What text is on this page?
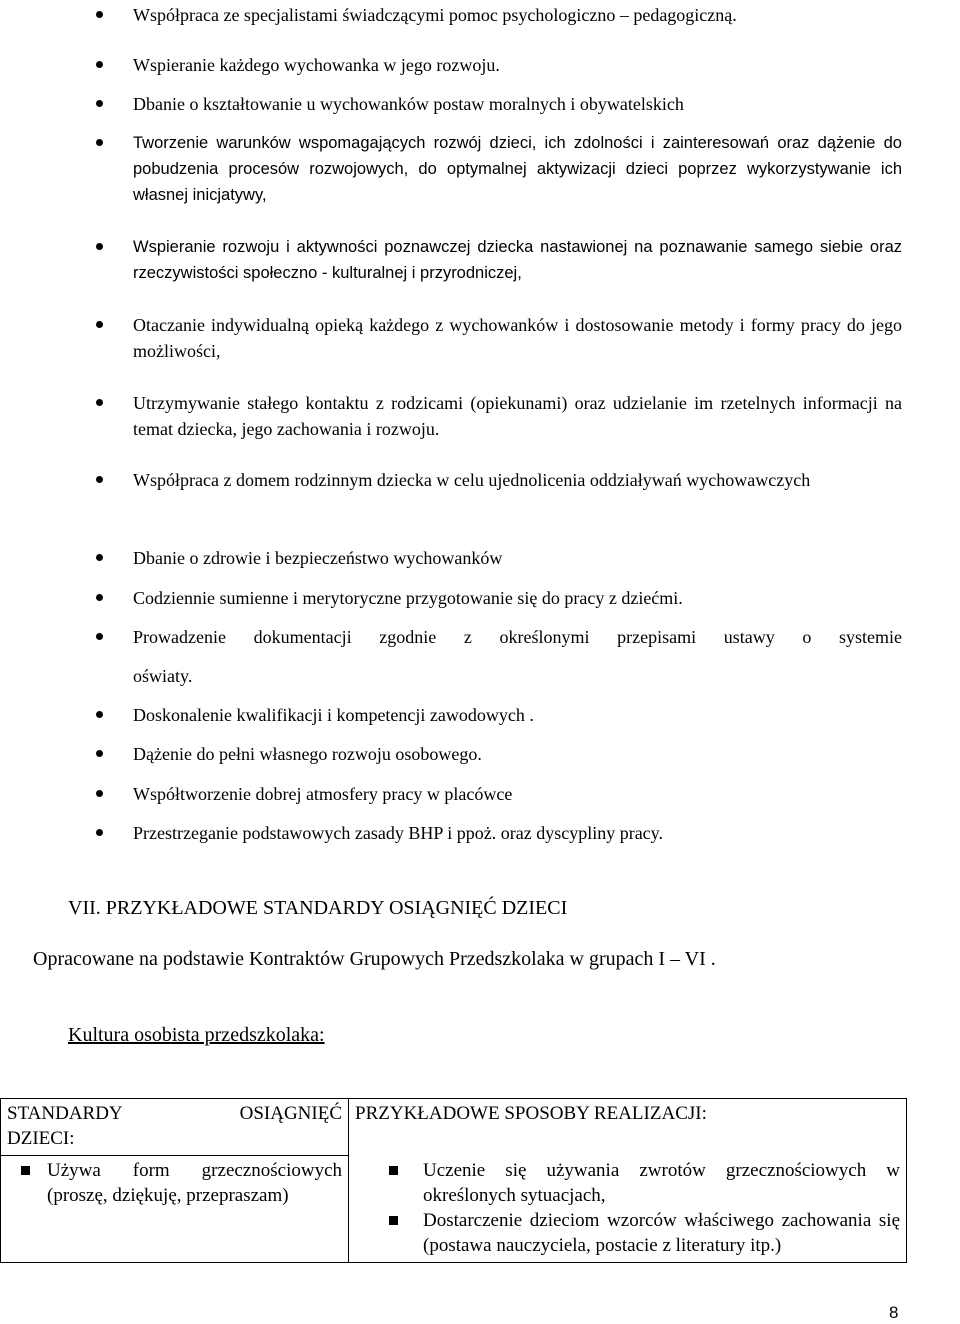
Współpraca ze specjalistami świadczącymi pomoc psychologiczno – pedagogiczną.
Wspieranie każdego wychowanka w jego rozwoju.
Dbanie o kształtowanie u wychowanków postaw moralnych i obywatelskich
Tworzenie warunków wspomagających rozwój dzieci, ich zdolności i zainteresowań oraz dążenie do pobudzenia procesów rozwojowych, do optymalnej aktywizacji dzieci poprzez wykorzystywanie ich własnej inicjatywy,
Wspieranie rozwoju i aktywności poznawczej dziecka nastawionej na poznawanie samego siebie oraz rzeczywistości społeczno - kulturalnej i przyrodniczej,
Otaczanie indywidualną opieką każdego z wychowanków i dostosowanie metody i formy pracy do jego możliwości,
Utrzymywanie stałego kontaktu z rodzicami (opiekunami) oraz udzielanie im rzetelnych informacji na temat dziecka, jego zachowania i rozwoju.
Współpraca z domem rodzinnym dziecka w celu ujednolicenia oddziaływań wychowawczych
Dbanie o zdrowie i bezpieczeństwo wychowanków
Codziennie sumienne i merytoryczne przygotowanie się do pracy z dziećmi.
Prowadzenie dokumentacji zgodnie z określonymi przepisami ustawy o systemie
oświaty.
Doskonalenie kwalifikacji i kompetencji zawodowych .
Dążenie do pełni własnego rozwoju osobowego.
Współtworzenie dobrej atmosfery pracy w placówce
Przestrzeganie podstawowych zasady BHP i ppoż. oraz dyscypliny pracy.
VII. PRZYKŁADOWE STANDARDY OSIĄGNIĘĆ DZIECI
Opracowane na podstawie Kontraktów Grupowych Przedszkolaka w grupach I – VI .
Kultura osobista przedszkolaka:
STANDARDY OSIĄGNIĘĆ
DZIECI:	PRZYKŁADOWE SPOSOBY REALIZACJI:

Używa form grzecznościowych (proszę, dziękuję, przepraszam)	Uczenie się używania zwrotów grzecznościowych w określonych sytuacjach,
Dostarczenie dzieciom wzorców właściwego zachowania się (postawa nauczyciela, postacie z literatury itp.)
8
